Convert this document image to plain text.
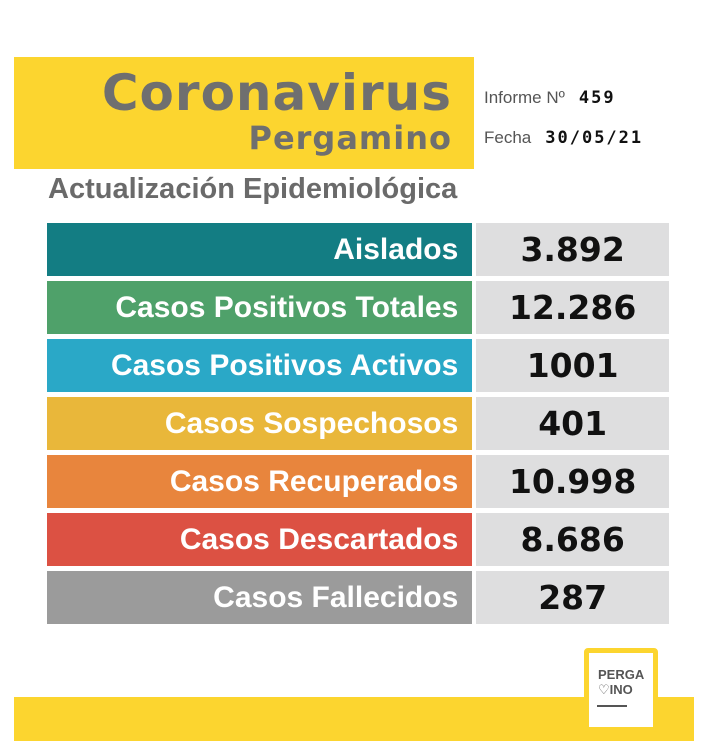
Coronavirus
Pergamino
Informe Nº 459
Fecha 30/05/21
Actualización Epidemiológica
Aislados	3.892
Casos Positivos Totales	12.286
Casos Positivos Activos	1001
Casos Sospechosos	401
Casos Recuperados	10.998
Casos Descartados	8.686
Casos Fallecidos	287
PERGA
♡INO
